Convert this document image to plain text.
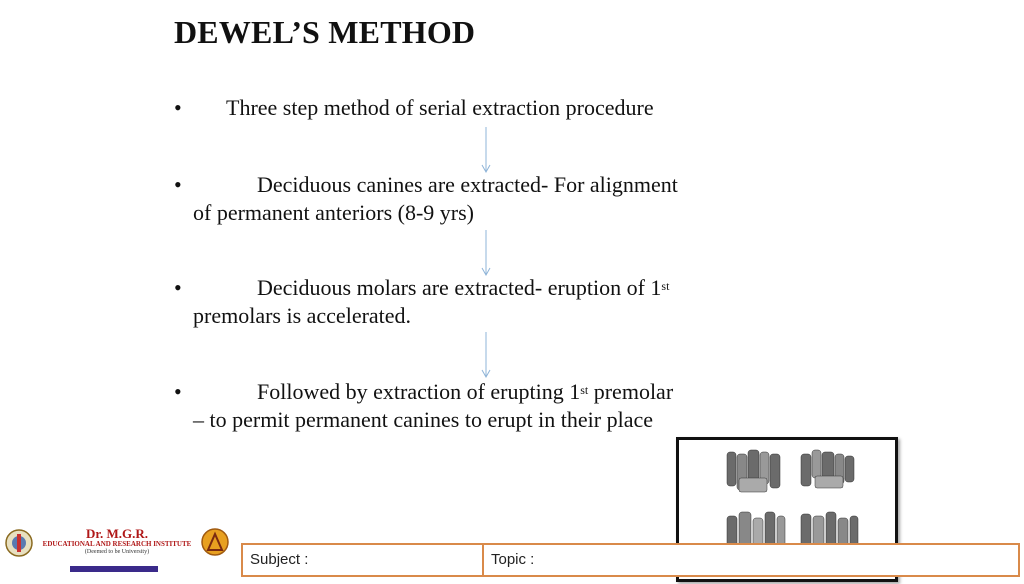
DEWEL’S METHOD
• Three step method of serial extraction procedure
•	Deciduous canines are extracted- For alignment
of permanent anteriors (8-9 yrs)
•	Deciduous molars are extracted- eruption of 1st
premolars is accelerated.
•	Followed by extraction of erupting 1st premolar
– to permit permanent canines to erupt in their place
Dr. M.G.R.
EDUCATIONAL AND RESEARCH INSTITUTE
(Deemed to be University)	Subject :	Topic :
